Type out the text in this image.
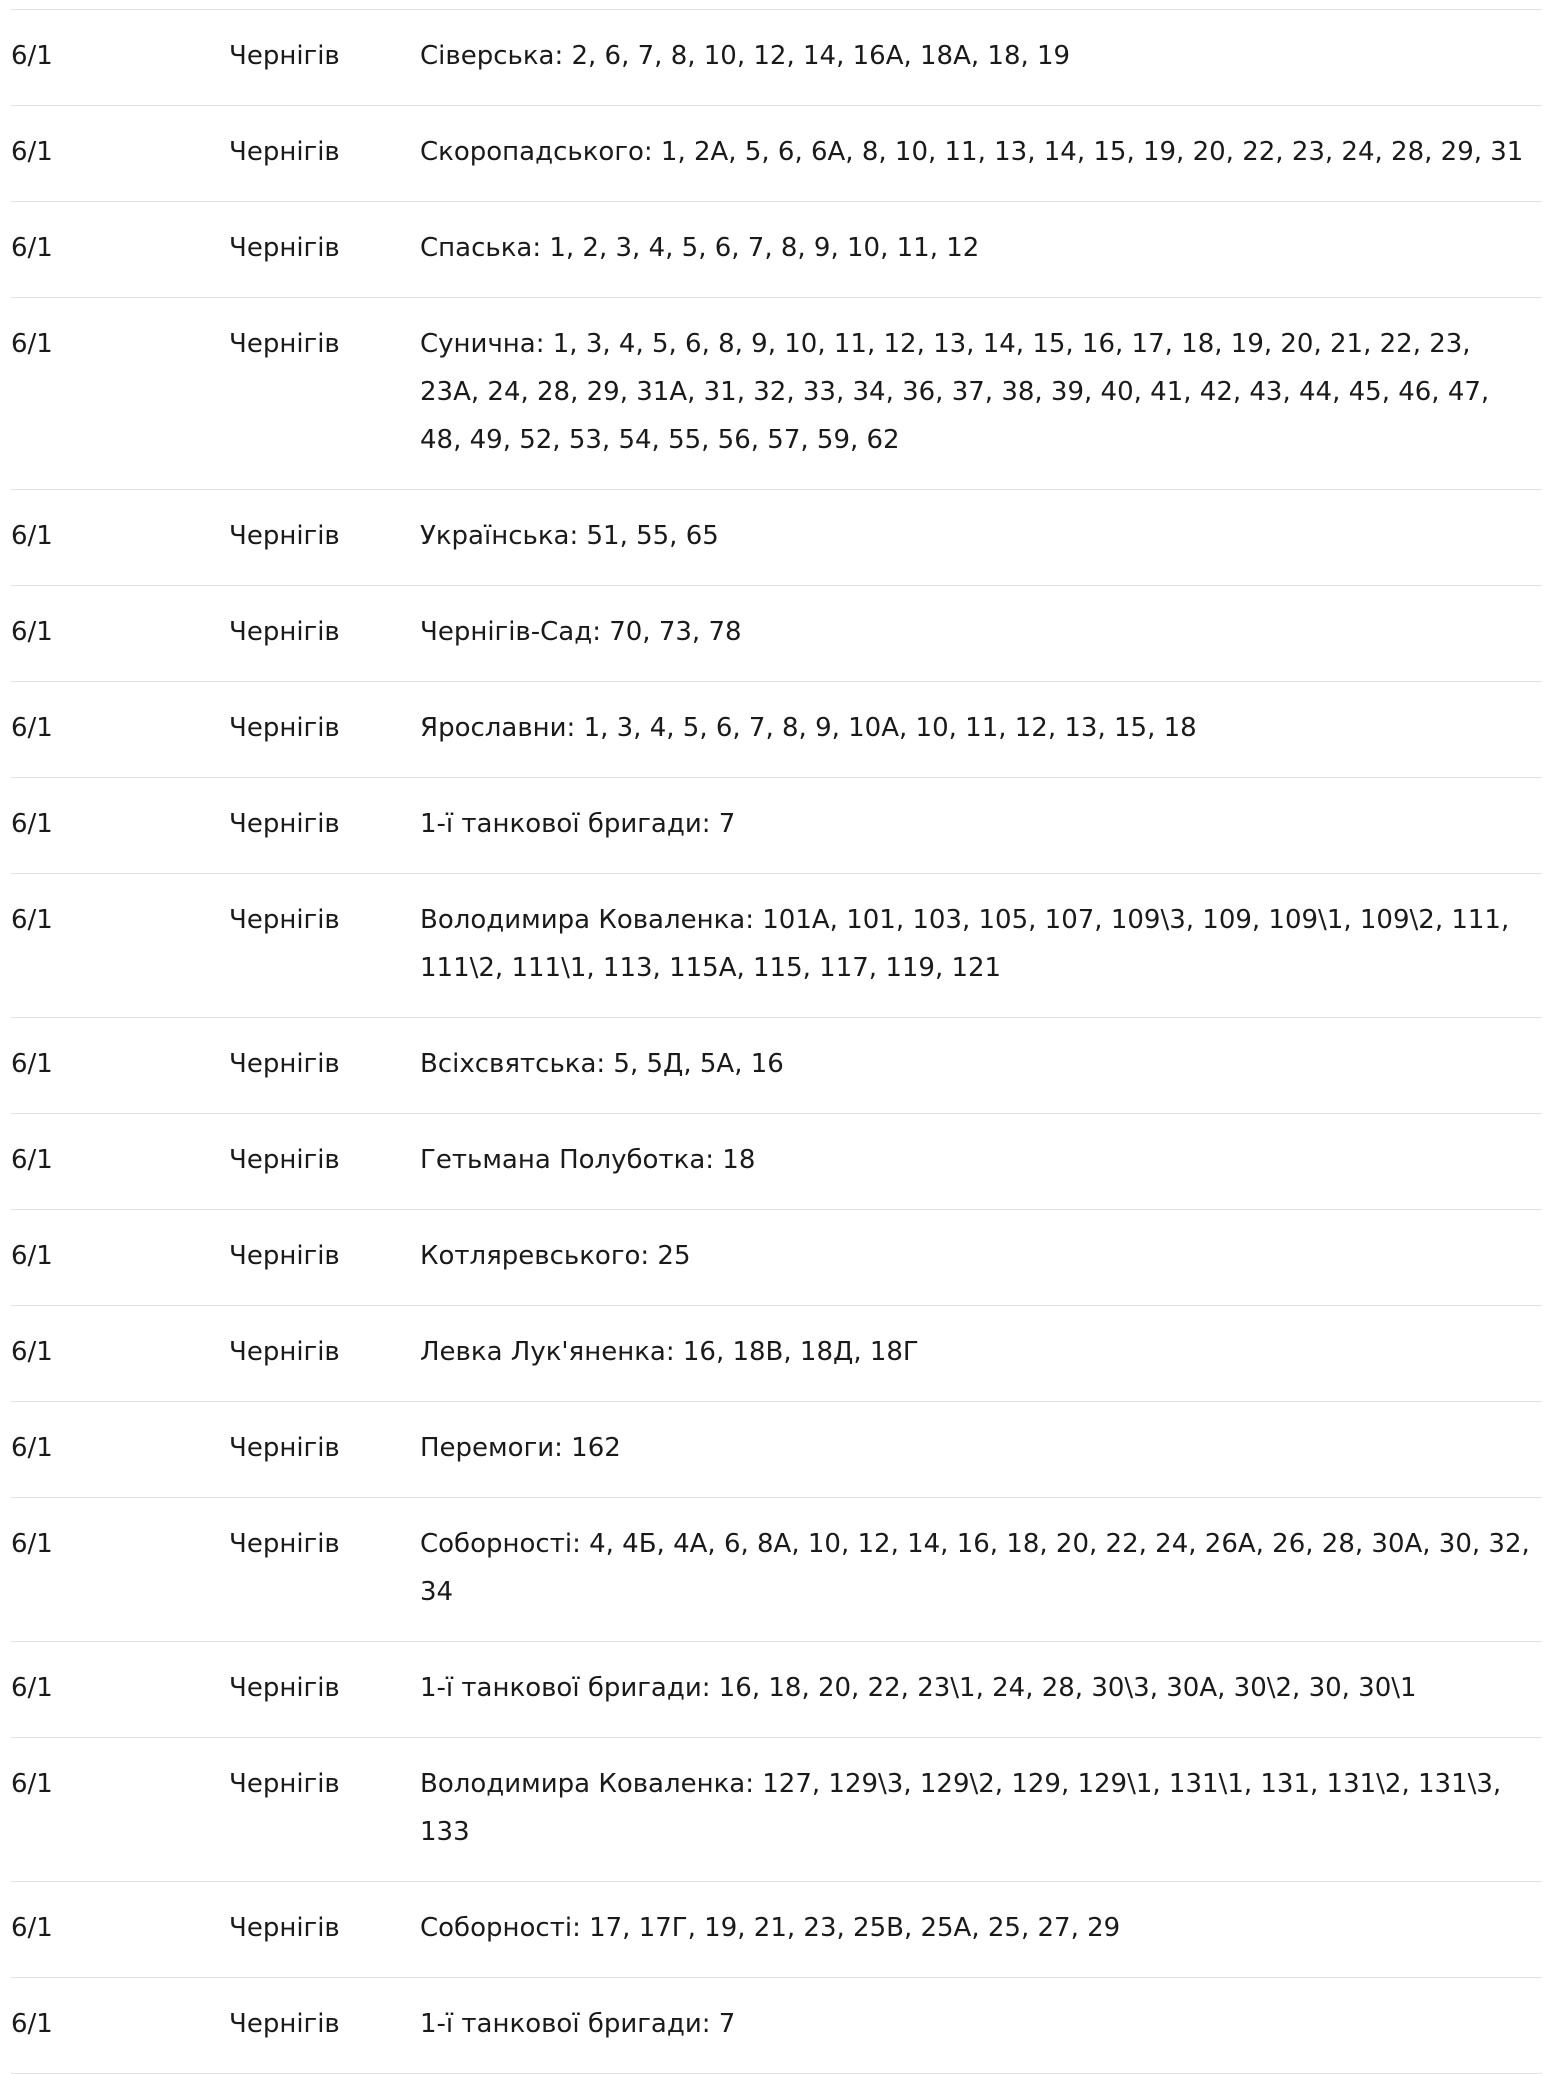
6/1	Чернігів	Сіверська: 2, 6, 7, 8, 10, 12, 14, 16А, 18А, 18, 19
6/1	Чернігів	Скоропадського: 1, 2А, 5, 6, 6А, 8, 10, 11, 13, 14, 15, 19, 20, 22, 23, 24, 28, 29, 31
6/1	Чернігів	Спаська: 1, 2, 3, 4, 5, 6, 7, 8, 9, 10, 11, 12
6/1	Чернігів	Сунична: 1, 3, 4, 5, 6, 8, 9, 10, 11, 12, 13, 14, 15, 16, 17, 18, 19, 20, 21, 22, 23, 23А, 24, 28, 29, 31А, 31, 32, 33, 34, 36, 37, 38, 39, 40, 41, 42, 43, 44, 45, 46, 47, 48, 49, 52, 53, 54, 55, 56, 57, 59, 62
6/1	Чернігів	Українська: 51, 55, 65
6/1	Чернігів	Чернігів-Сад: 70, 73, 78
6/1	Чернігів	Ярославни: 1, 3, 4, 5, 6, 7, 8, 9, 10А, 10, 11, 12, 13, 15, 18
6/1	Чернігів	1-ї танкової бригади: 7
6/1	Чернігів	Володимира Коваленка: 101А, 101, 103, 105, 107, 109\3, 109, 109\1, 109\2, 111, 111\2, 111\1, 113, 115А, 115, 117, 119, 121
6/1	Чернігів	Всіхсвятська: 5, 5Д, 5А, 16
6/1	Чернігів	Гетьмана Полуботка: 18
6/1	Чернігів	Котляревського: 25
6/1	Чернігів	Левка Лук'яненка: 16, 18В, 18Д, 18Г
6/1	Чернігів	Перемоги: 162
6/1	Чернігів	Соборності: 4, 4Б, 4А, 6, 8А, 10, 12, 14, 16, 18, 20, 22, 24, 26А, 26, 28, 30А, 30, 32, 34
6/1	Чернігів	1-ї танкової бригади: 16, 18, 20, 22, 23\1, 24, 28, 30\3, 30А, 30\2, 30, 30\1
6/1	Чернігів	Володимира Коваленка: 127, 129\3, 129\2, 129, 129\1, 131\1, 131, 131\2, 131\3, 133
6/1	Чернігів	Соборності: 17, 17Г, 19, 21, 23, 25В, 25А, 25, 27, 29
6/1	Чернігів	1-ї танкової бригади: 7
